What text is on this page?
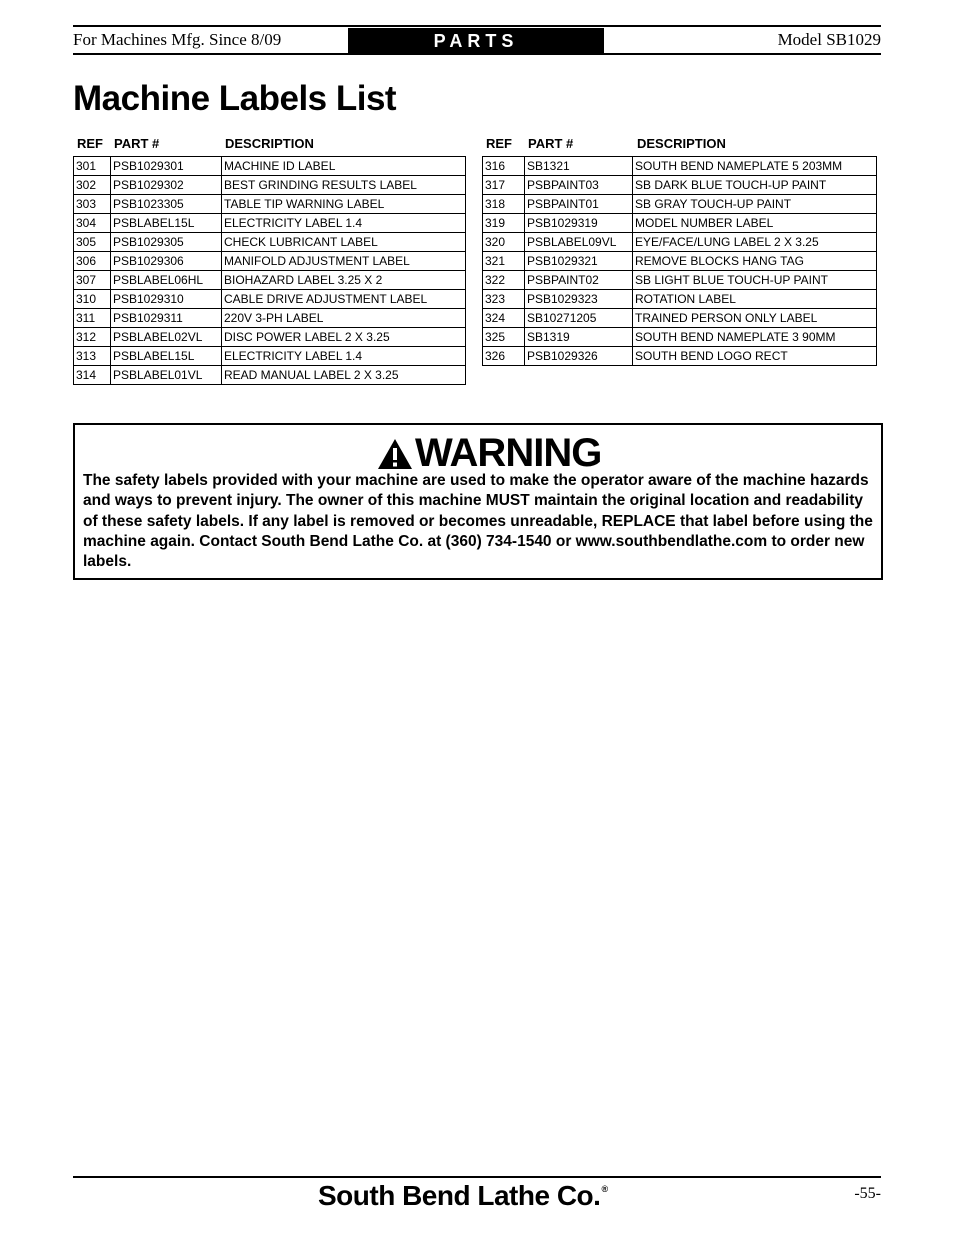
For Machines Mfg. Since 8/09	PARTS	Model SB1029
Machine Labels List
REF PART #	DESCRIPTION
301	PSB1029301	MACHINE ID LABEL
302	PSB1029302	BEST GRINDING RESULTS LABEL
303	PSB1023305	TABLE TIP WARNING LABEL
304	PSBLABEL15L	ELECTRICITY LABEL 1.4
305	PSB1029305	CHECK LUBRICANT LABEL
306	PSB1029306	MANIFOLD ADJUSTMENT LABEL
307	PSBLABEL06HL	BIOHAZARD LABEL 3.25 X 2
310	PSB1029310	CABLE DRIVE ADJUSTMENT LABEL
311	PSB1029311	220V 3-PH LABEL
312	PSBLABEL02VL	DISC POWER LABEL 2 X 3.25
313	PSBLABEL15L	ELECTRICITY LABEL 1.4
314	PSBLABEL01VL	READ MANUAL LABEL 2 X 3.25
REF PART #	DESCRIPTION
316	SB1321	SOUTH BEND NAMEPLATE 5 203MM
317	PSBPAINT03	SB DARK BLUE TOUCH-UP PAINT
318	PSBPAINT01	SB GRAY TOUCH-UP PAINT
319	PSB1029319	MODEL NUMBER LABEL
320	PSBLABEL09VL	EYE/FACE/LUNG LABEL 2 X 3.25
321	PSB1029321	REMOVE BLOCKS HANG TAG
322	PSBPAINT02	SB LIGHT BLUE TOUCH-UP PAINT
323	PSB1029323	ROTATION LABEL
324	SB10271205	TRAINED PERSON ONLY LABEL
325	SB1319	SOUTH BEND NAMEPLATE 3 90MM
326	PSB1029326	SOUTH BEND LOGO RECT
WARNING
The safety labels provided with your machine are used to make the operator aware of the machine hazards and ways to prevent injury. The owner of this machine MUST maintain the original location and readability of these safety labels. If any label is removed or becomes unreadable, REPLACE that label before using the machine again. Contact South Bend Lathe Co. at (360) 734-1540 or www.southbendlathe.com to order new labels.
South Bend Lathe Co.®	-55-
